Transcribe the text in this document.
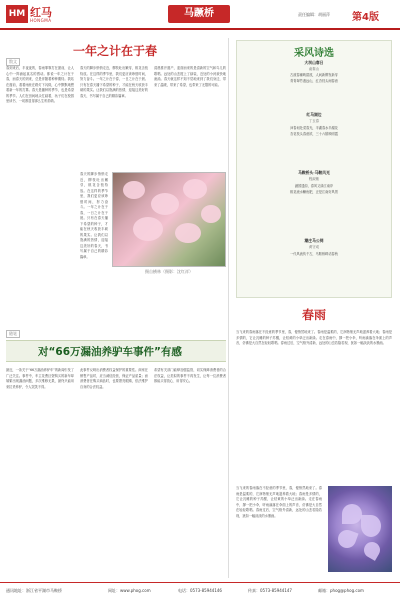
HM 红马
HONGMA
马蹶桥	责任编辑：胡丽萍 第4版
散文
一年之计在于春
春到来后，半夜夜的，春雨霏霏打在窗前，让人心中一阵涌起莫名的感动。都说一年之计在于春，而春天的到来，总是伴随着种种期待。我站在窗前，看着雨丝在路灯下闪烁，心中默默地想着新一年的打算。春天是播种的季节，也是希望的季节。人们在田间地头忙碌着，孩子们在校园里读书，一切都显得那么生机勃勃。
春天的脚步悄悄走近，柳枝吐出嫩芽，桃花含苞待放。在这样的季节里，我们更应该珍惜时间，努力奋斗。一年之计在于春，一日之计在于晨。只有在春天播下希望的种子，才能在秋天收获丰硕的果实。让我们以饱满的热情，迎接这美好的春天，书写属于自己的精彩篇章。
清晨推开窗户，迎面而来的是清新的空气和鸟儿的歌唱。远处的山峦披上了绿装，近处的小河欢快地流淌。春天就这样不知不觉地来到了我们身边，带来了温暖，带来了希望，也带来了无限的可能。
春天的脚步悄悄走近，柳枝吐出嫩芽，桃花含苞待放。在这样的季节里，我们更应该珍惜时间，努力奋斗。一年之计在于春，一日之计在于晨。只有在春天播下希望的种子，才能在秋天收获丰硕的果实。让我们以饱满的热情，迎接这美好的春天，书写属于自己的精彩篇章。
摄自横林（摄影：沈红祥）
随笔
对“66万漏油养驴车事件”有感
最近，一条关于“66万漏油养驴车”的新闻引发了广泛关注。事件中，车主花费巨资购买的新车却频繁出现漏油问题，多次维修无果，最终只能用来拉货养驴，令人哭笑不得。
此事件反映出消费者权益保护的重要性。商家在销售产品时，应当诚信经营，保证产品质量；而消费者在购买商品时，也要擦亮眼睛，依法维护自身的合法权益。
希望有关部门能够加强监管，切实保障消费者的合法权益，让类似的事件不再发生，让每一位消费者都能买得放心、用得安心。
采风诗选
大坝山春日
俞秦山
古渡春潮映碧波，人间新柳发新芽
青青翠竹遮远山，红杏枝头闹春意
红马湖边
丁玉春
问春何处觅春光，半湖春水半湖花
杏花枝头春意浓，三十六陂映明霞
马鞍桥头·马鞍风光
程淑敏
涵园遗韵，春风又绿江南岸
桃花流水鳜鱼肥，正是江南好风景
潮庄马公祠
黄守成
一代风流传千古，马鞍桥畔话春秋
春雨
当飞来的春雨落在不经意的季节里，春，便悄然地来了。春雨是温柔的，它润物细无声地滋养着大地；春雨是多情的，它让沉睡的种子苏醒，让枯黄的小草泛出新绿。走在春雨中，撑一把小伞，听雨滴落在伞面上的声音，仿佛是大自然在轻轻歌唱。春雨过后，空气格外清新，远处的山峦若隐若现，犹如一幅淡淡的水墨画。
当飞来的春雨落在不经意的季节里，春，便悄然地来了。春雨是温柔的，它润物细无声地滋养着大地；春雨是多情的，它让沉睡的种子苏醒，让枯黄的小草泛出新绿。走在春雨中，撑一把小伞，听雨滴落在伞面上的声音，仿佛是大自然在轻轻歌唱。春雨过后，空气格外清新，远处的山峦若隐若现，犹如一幅淡淡的水墨画。
通讯地址：浙江省平湖市马鞍桥	网址：www.phog.com	电话：0573-85944146	传真：0573-85944147	邮箱：phog@phog.com
